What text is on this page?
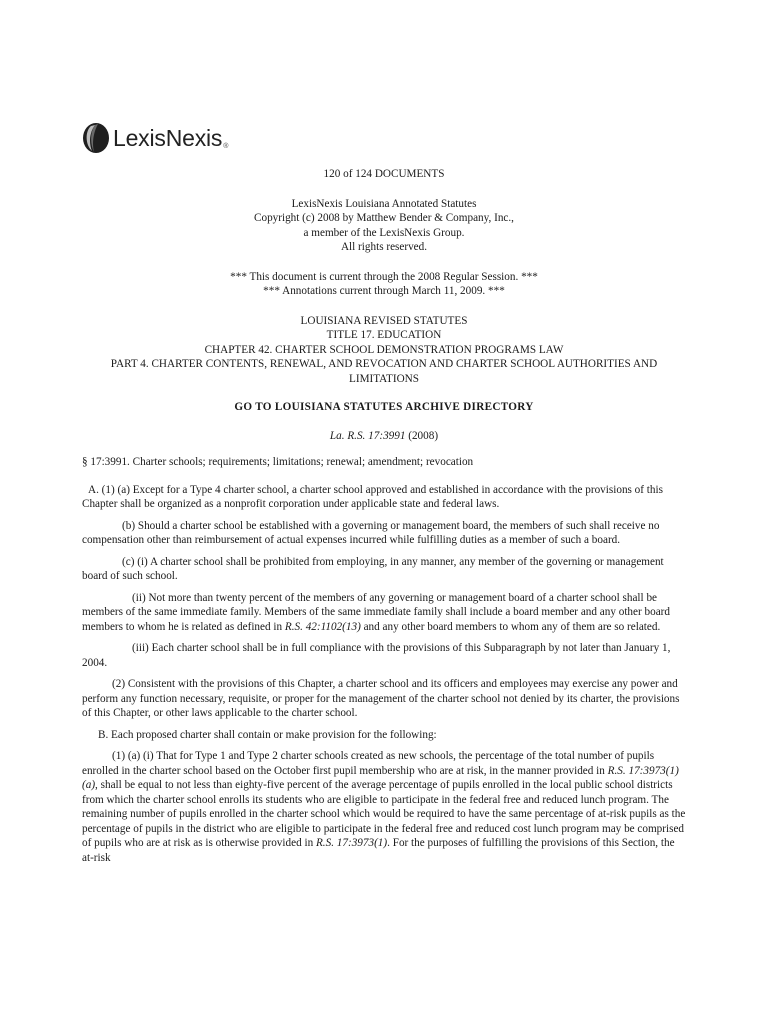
LexisNexis ®
120 of 124 DOCUMENTS
LexisNexis Louisiana Annotated Statutes
Copyright (c) 2008 by Matthew Bender & Company, Inc.,
a member of the LexisNexis Group.
All rights reserved.
*** This document is current through the 2008 Regular Session. ***
*** Annotations current through March 11, 2009. ***
LOUISIANA REVISED STATUTES
TITLE 17. EDUCATION
CHAPTER 42. CHARTER SCHOOL DEMONSTRATION PROGRAMS LAW
PART 4. CHARTER CONTENTS, RENEWAL, AND REVOCATION AND CHARTER SCHOOL AUTHORITIES AND LIMITATIONS
GO TO LOUISIANA STATUTES ARCHIVE DIRECTORY
La. R.S. 17:3991 (2008)

§ 17:3991. Charter schools; requirements; limitations; renewal; amendment; revocation

A. (1) (a) Except for a Type 4 charter school, a charter school approved and established in accordance with the provisions of this Chapter shall be organized as a nonprofit corporation under applicable state and federal laws.

(b) Should a charter school be established with a governing or management board, the members of such shall receive no compensation other than reimbursement of actual expenses incurred while fulfilling duties as a member of such a board.

(c) (i) A charter school shall be prohibited from employing, in any manner, any member of the governing or management board of such school.

(ii) Not more than twenty percent of the members of any governing or management board of a charter school shall be members of the same immediate family. Members of the same immediate family shall include a board member and any other board members to whom he is related as defined in R.S. 42:1102(13) and any other board members to whom any of them are so related.

(iii) Each charter school shall be in full compliance with the provisions of this Subparagraph by not later than January 1, 2004.

(2) Consistent with the provisions of this Chapter, a charter school and its officers and employees may exercise any power and perform any function necessary, requisite, or proper for the management of the charter school not denied by its charter, the provisions of this Chapter, or other laws applicable to the charter school.

B. Each proposed charter shall contain or make provision for the following:

(1) (a) (i) That for Type 1 and Type 2 charter schools created as new schools, the percentage of the total number of pupils enrolled in the charter school based on the October first pupil membership who are at risk, in the manner provided in R.S. 17:3973(1)(a), shall be equal to not less than eighty-five percent of the average percentage of pupils enrolled in the local public school districts from which the charter school enrolls its students who are eligible to participate in the federal free and reduced lunch program. The remaining number of pupils enrolled in the charter school which would be required to have the same percentage of at-risk pupils as the percentage of pupils in the district who are eligible to participate in the federal free and reduced cost lunch program may be comprised of pupils who are at risk as is otherwise provided in R.S. 17:3973(1). For the purposes of fulfilling the provisions of this Section, the at-risk
